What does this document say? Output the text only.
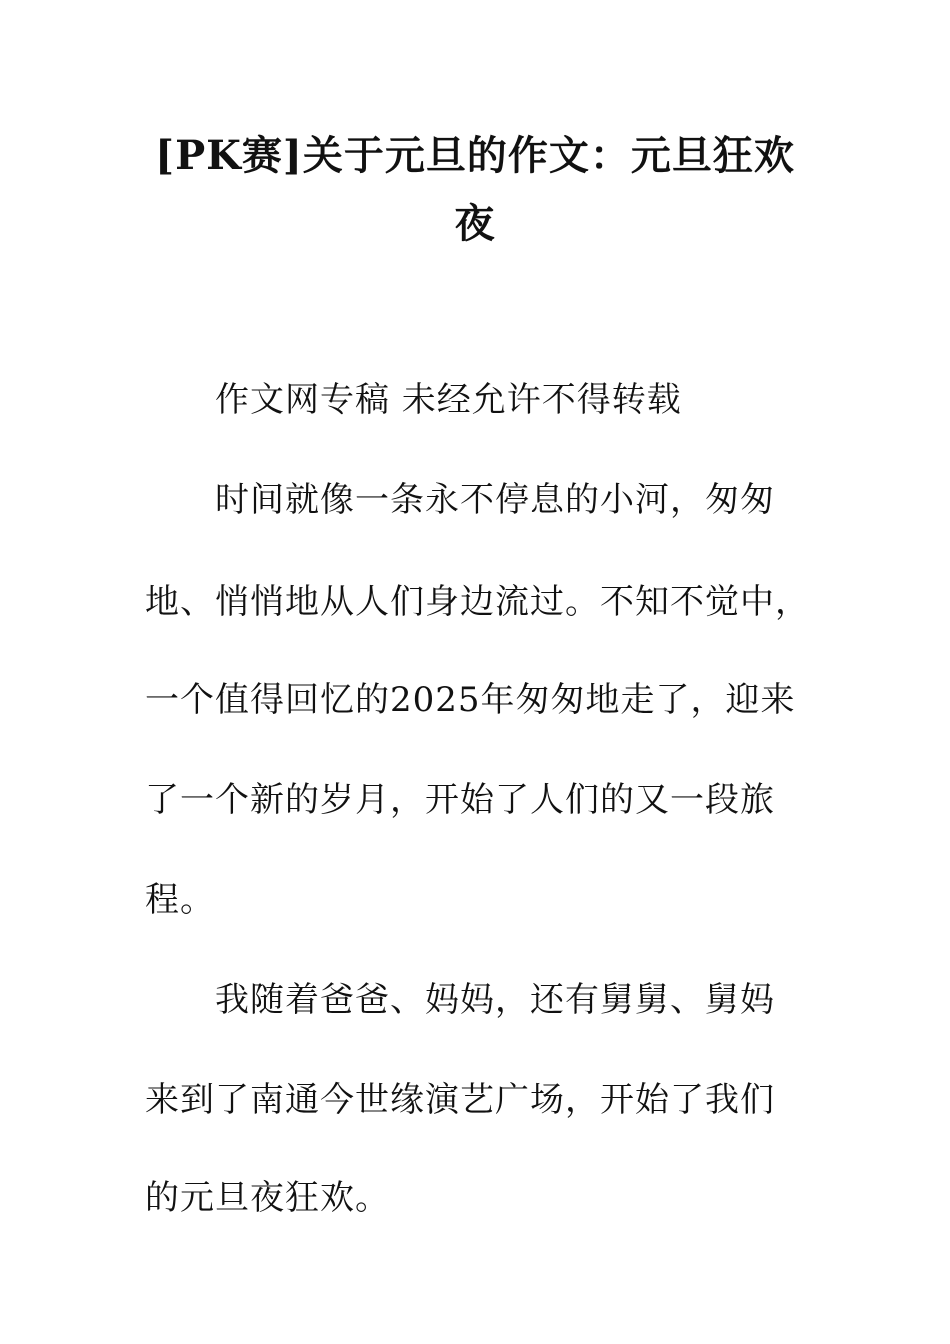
[PK赛]关于元旦的作文：元旦狂欢
夜
作文网专稿 未经允许不得转载
时间就像一条永不停息的小河，匆匆
地、悄悄地从人们身边流过。不知不觉中，
一个值得回忆的2025年匆匆地走了，迎来
了一个新的岁月，开始了人们的又一段旅
程。
我随着爸爸、妈妈，还有舅舅、舅妈
来到了南通今世缘演艺广场，开始了我们
的元旦夜狂欢。
